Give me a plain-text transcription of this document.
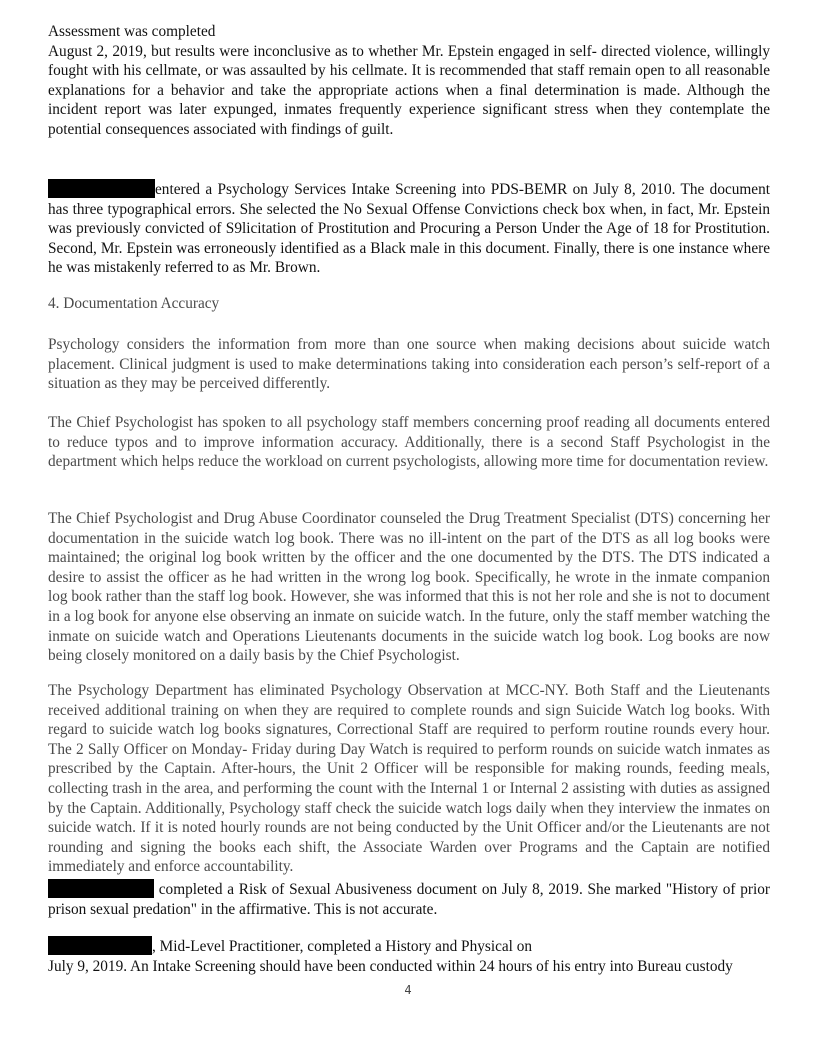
Assessment was completed

August 2, 2019, but results were inconclusive as to whether Mr. Epstein engaged in self- directed violence, willingly fought with his cellmate, or was assaulted by his cellmate. It is recommended that staff remain open to all reasonable explanations for a behavior and take the appropriate actions when a final determination is made. Although the incident report was later expunged, inmates frequently experience significant stress when they contemplate the potential consequences associated with findings of guilt.

entered a Psychology Services Intake Screening into PDS-BEMR on July 8, 2010. The document has three typographical errors. She selected the No Sexual Offense Convictions check box when, in fact, Mr. Epstein was previously convicted of S9licitation of Prostitution and Procuring a Person Under the Age of 18 for Prostitution. Second, Mr. Epstein was erroneously identified as a Black male in this document. Finally, there is one instance where he was mistakenly referred to as Mr. Brown.

4. Documentation Accuracy

Psychology considers the information from more than one source when making decisions about suicide watch placement. Clinical judgment is used to make determinations taking into consideration each person’s self-report of a situation as they may be perceived differently.

The Chief Psychologist has spoken to all psychology staff members concerning proof reading all documents entered to reduce typos and to improve information accuracy. Additionally, there is a second Staff Psychologist in the department which helps reduce the workload on current psychologists, allowing more time for documentation review.

The Chief Psychologist and Drug Abuse Coordinator counseled the Drug Treatment Specialist (DTS) concerning her documentation in the suicide watch log book. There was no ill-intent on the part of the DTS as all log books were maintained; the original log book written by the officer and the one documented by the DTS. The DTS indicated a desire to assist the officer as he had written in the wrong log book. Specifically, he wrote in the inmate companion log book rather than the staff log book. However, she was informed that this is not her role and she is not to document in a log book for anyone else observing an inmate on suicide watch. In the future, only the staff member watching the inmate on suicide watch and Operations Lieutenants documents in the suicide watch log book. Log books are now being closely monitored on a daily basis by the Chief Psychologist.

The Psychology Department has eliminated Psychology Observation at MCC-NY. Both Staff and the Lieutenants received additional training on when they are required to complete rounds and sign Suicide Watch log books. With regard to suicide watch log books signatures, Correctional Staff are required to perform routine rounds every hour. The 2 Sally Officer on Monday- Friday during Day Watch is required to perform rounds on suicide watch inmates as prescribed by the Captain. After-hours, the Unit 2 Officer will be responsible for making rounds, feeding meals, collecting trash in the area, and performing the count with the Internal 1 or Internal 2 assisting with duties as assigned by the Captain. Additionally, Psychology staff check the suicide watch logs daily when they interview the inmates on suicide watch. If it is noted hourly rounds are not being conducted by the Unit Officer and/or the Lieutenants are not rounding and signing the books each shift, the Associate Warden over Programs and the Captain are notified immediately and enforce accountability.

completed a Risk of Sexual Abusiveness document on July 8, 2019. She marked "History of prior prison sexual predation" in the affirmative. This is not accurate.

, Mid-Level Practitioner, completed a History and Physical on

July 9, 2019. An Intake Screening should have been conducted within 24 hours of his entry into Bureau custody

4
